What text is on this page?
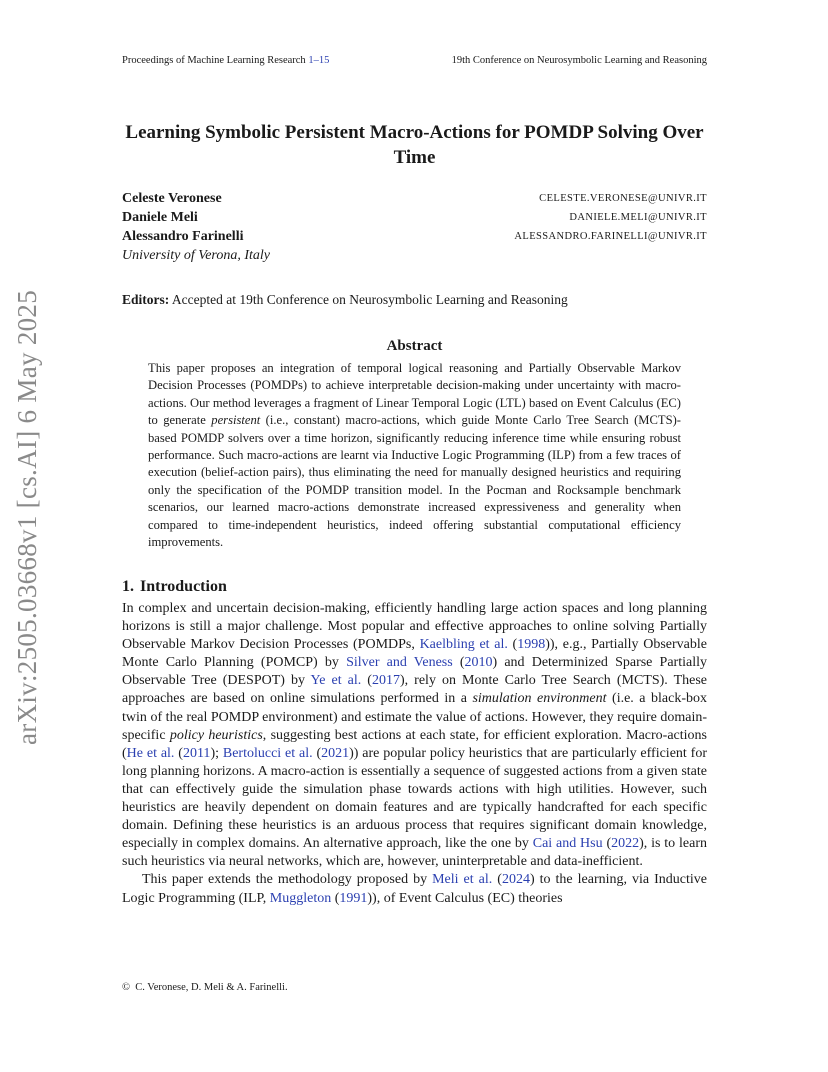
Proceedings of Machine Learning Research 1–15	19th Conference on Neurosymbolic Learning and Reasoning
arXiv:2505.03668v1 [cs.AI] 6 May 2025
Learning Symbolic Persistent Macro-Actions for POMDP Solving Over Time
Celeste Veronese	CELESTE.VERONESE@UNIVR.IT
Daniele Meli	DANIELE.MELI@UNIVR.IT
Alessandro Farinelli	ALESSANDRO.FARINELLI@UNIVR.IT
University of Verona, Italy
Editors: Accepted at 19th Conference on Neurosymbolic Learning and Reasoning
Abstract
This paper proposes an integration of temporal logical reasoning and Partially Observable Markov Decision Processes (POMDPs) to achieve interpretable decision-making under uncertainty with macro-actions. Our method leverages a fragment of Linear Temporal Logic (LTL) based on Event Calculus (EC) to generate persistent (i.e., constant) macro-actions, which guide Monte Carlo Tree Search (MCTS)-based POMDP solvers over a time horizon, significantly reducing inference time while ensuring robust performance. Such macro-actions are learnt via Inductive Logic Programming (ILP) from a few traces of execution (belief-action pairs), thus eliminating the need for manually designed heuristics and requiring only the specification of the POMDP transition model. In the Pocman and Rocksample benchmark scenarios, our learned macro-actions demonstrate increased expressiveness and generality when compared to time-independent heuristics, indeed offering substantial computational efficiency improvements.
1. Introduction

In complex and uncertain decision-making, efficiently handling large action spaces and long planning horizons is still a major challenge. Most popular and effective approaches to online solving Partially Observable Markov Decision Processes (POMDPs, Kaelbling et al. (1998)), e.g., Partially Observable Monte Carlo Planning (POMCP) by Silver and Veness (2010) and Determinized Sparse Partially Observable Tree (DESPOT) by Ye et al. (2017), rely on Monte Carlo Tree Search (MCTS). These approaches are based on online simulations performed in a simulation environment (i.e. a black-box twin of the real POMDP environment) and estimate the value of actions. However, they require domain-specific policy heuristics, suggesting best actions at each state, for efficient exploration. Macro-actions (He et al. (2011); Bertolucci et al. (2021)) are popular policy heuristics that are particularly efficient for long planning horizons. A macro-action is essentially a sequence of suggested actions from a given state that can effectively guide the simulation phase towards actions with high utilities. However, such heuristics are heavily dependent on domain features and are typically handcrafted for each specific domain. Defining these heuristics is an arduous process that requires significant domain knowledge, especially in complex domains. An alternative approach, like the one by Cai and Hsu (2022), is to learn such heuristics via neural networks, which are, however, uninterpretable and data-inefficient.

This paper extends the methodology proposed by Meli et al. (2024) to the learning, via Inductive Logic Programming (ILP, Muggleton (1991)), of Event Calculus (EC) theories

© C. Veronese, D. Meli & A. Farinelli.
